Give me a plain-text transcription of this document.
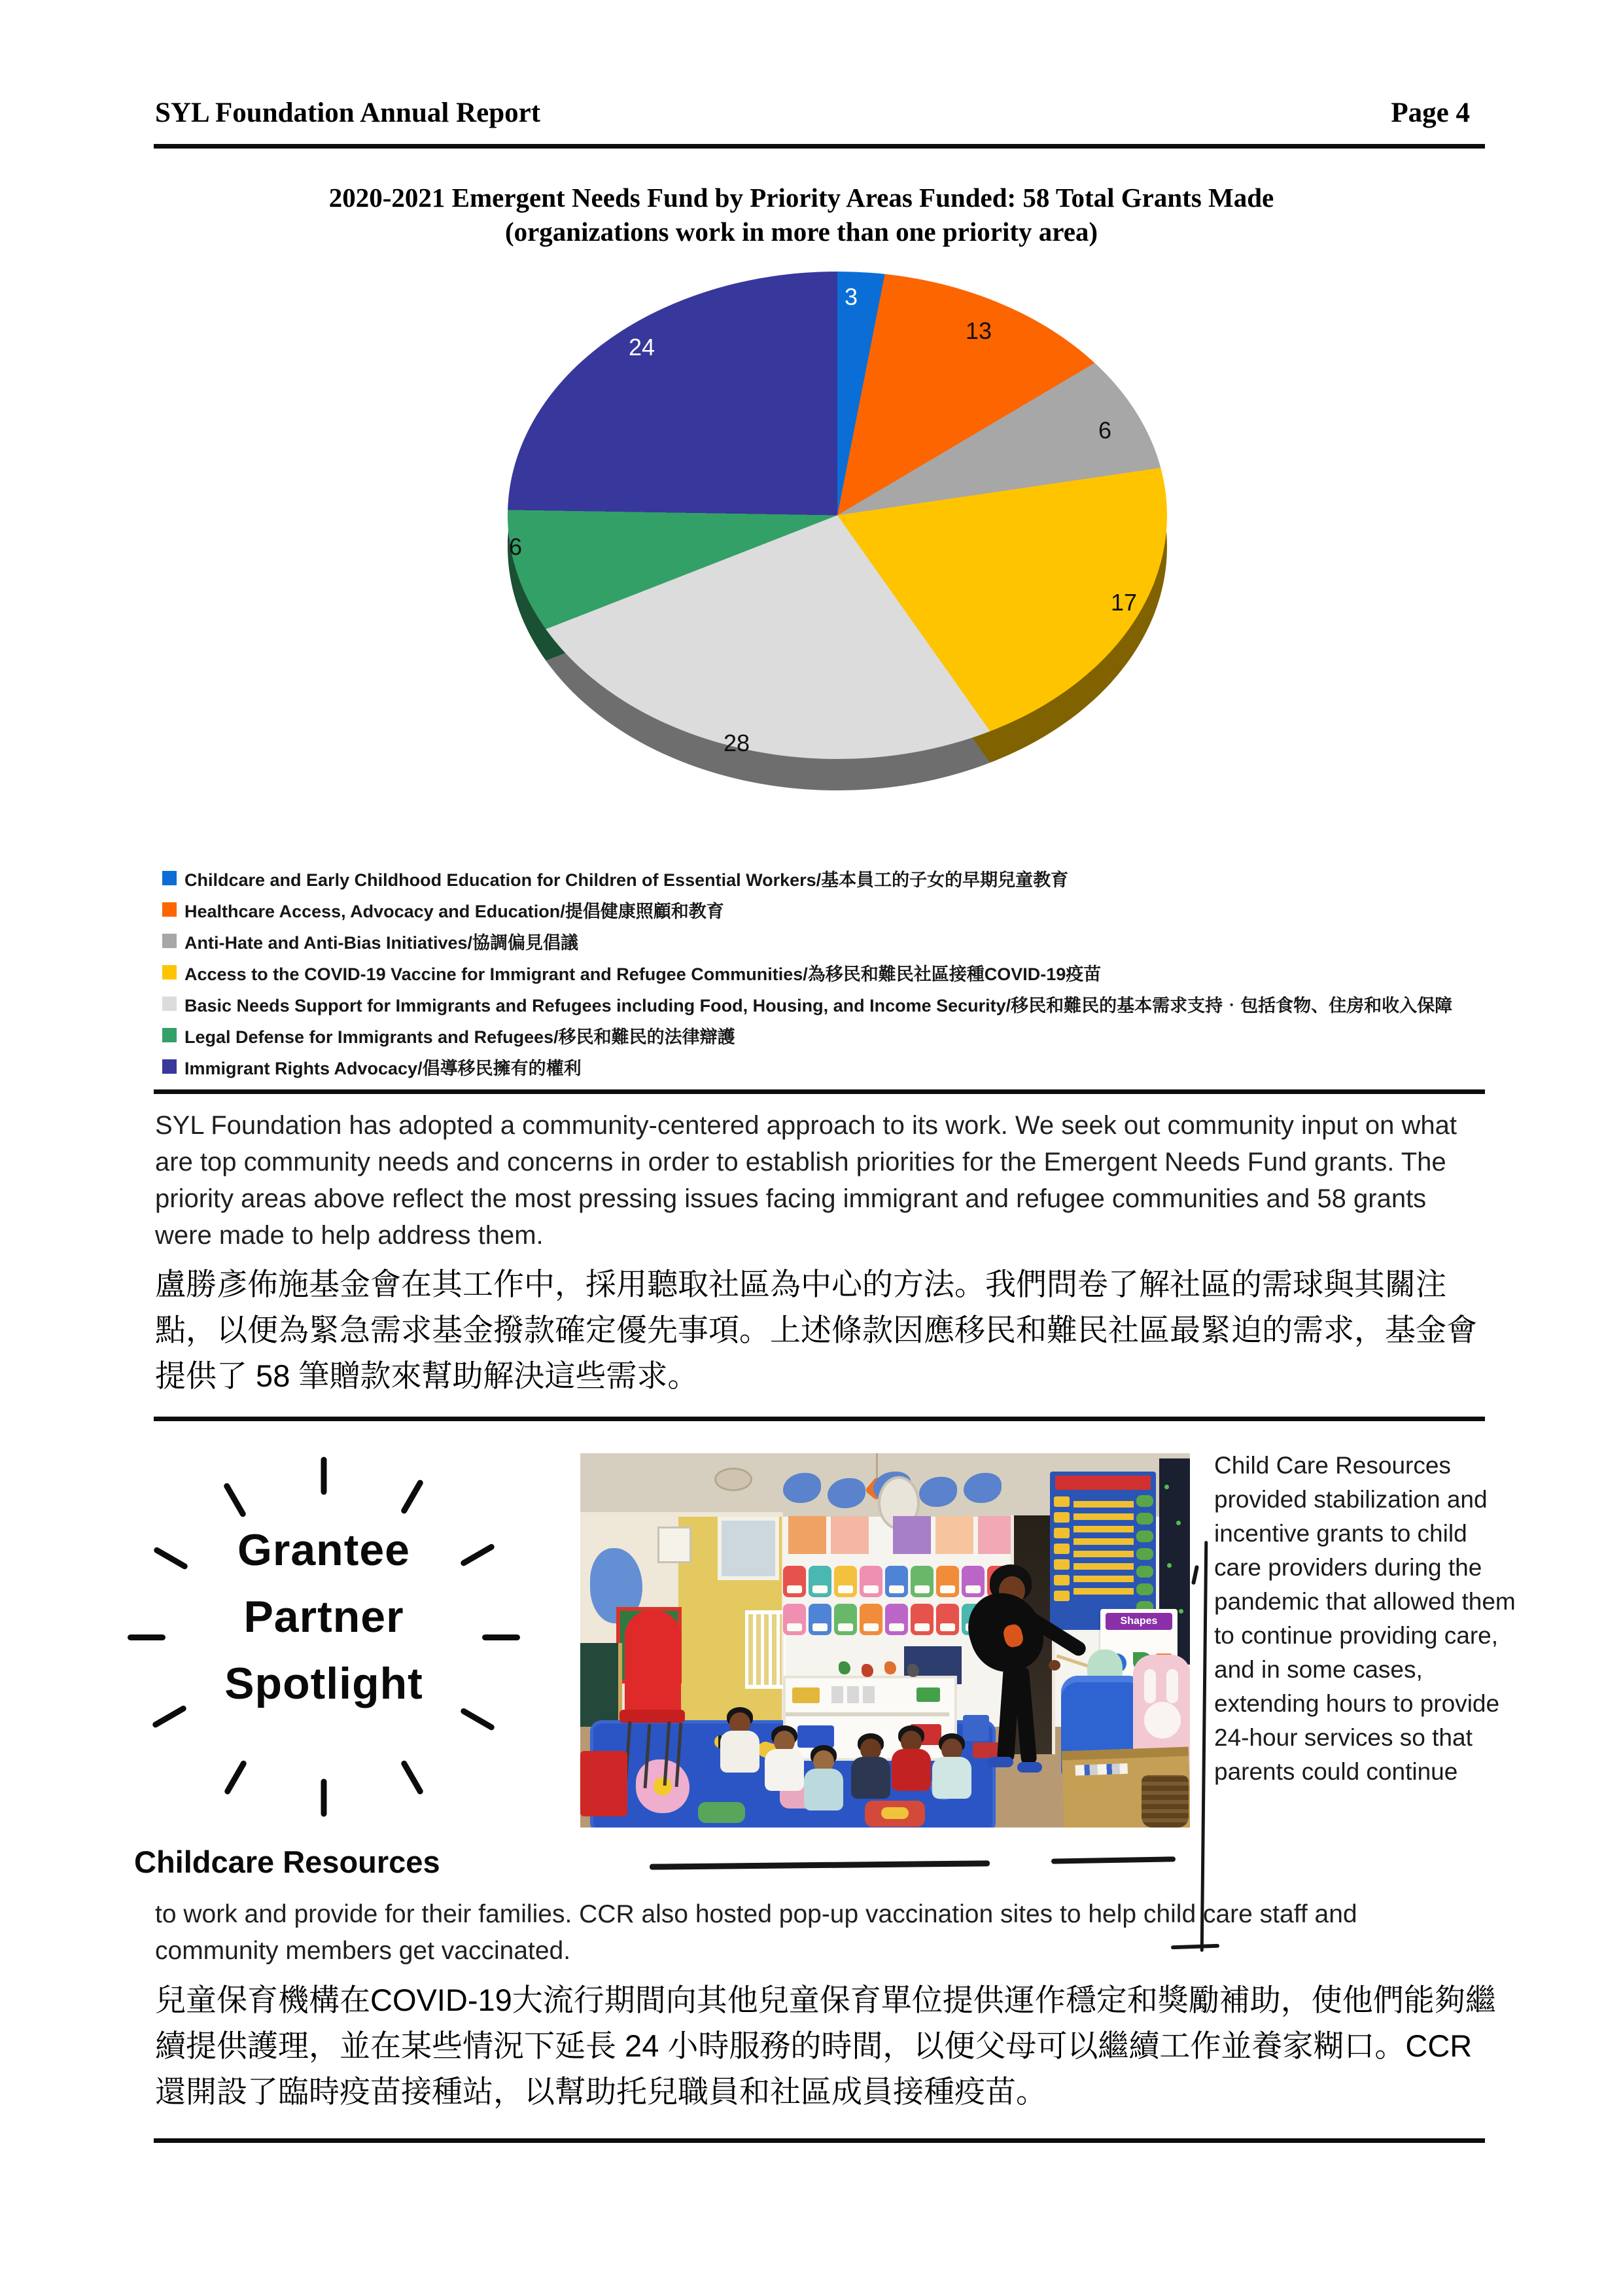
SYL Foundation Annual Report	Page 4
2020-2021 Emergent Needs Fund by Priority Areas Funded: 58 Total Grants Made
(organizations work in more than one priority area)
3
13
6
17
28
6
24
Childcare and Early Childhood Education for Children of Essential Workers/基本員工的子女的早期兒童教育
Healthcare Access, Advocacy and Education/提倡健康照顧和教育
Anti-Hate and Anti-Bias Initiatives/協調偏見倡議
Access to the COVID-19 Vaccine for Immigrant and Refugee Communities/為移民和難民社區接種COVID-19疫苗
Basic Needs Support for Immigrants and Refugees including Food, Housing, and Income Security/移民和難民的基本需求支持‧包括食物、住房和收入保障
Legal Defense for Immigrants and Refugees/移民和難民的法律辯護
Immigrant Rights Advocacy/倡導移民擁有的權利
SYL Foundation has adopted a community-centered approach to its work. We seek out community input on what are top community needs and concerns in order to establish priorities for the Emergent Needs Fund grants. The priority areas above reflect the most pressing issues facing immigrant and refugee communities and 58 grants were made to help address them.
盧勝彥佈施基金會在其工作中，採用聽取社區為中心的方法。我們問卷了解社區的需球與其關注點，以便為緊急需求基金撥款確定優先事項。上述條款因應移民和難民社區最緊迫的需求，基金會提供了 58 筆贈款來幫助解決這些需求。
Grantee
Partner
Spotlight
Childcare Resources
Shapes
Child Care Resources provided stabilization and incentive grants to child care providers during the pandemic that allowed them to continue providing care, and in some cases, extending hours to provide 24-hour services so that parents could continue
to work and provide for their families. CCR also hosted pop-up vaccination sites to help child care staff and community members get vaccinated.
兒童保育機構在COVID-19大流行期間向其他兒童保育單位提供運作穩定和獎勵補助，使他們能夠繼續提供護理，並在某些情況下延長 24 小時服務的時間，以便父母可以繼續工作並養家糊口。CCR 還開設了臨時疫苗接種站，以幫助托兒職員和社區成員接種疫苗。
